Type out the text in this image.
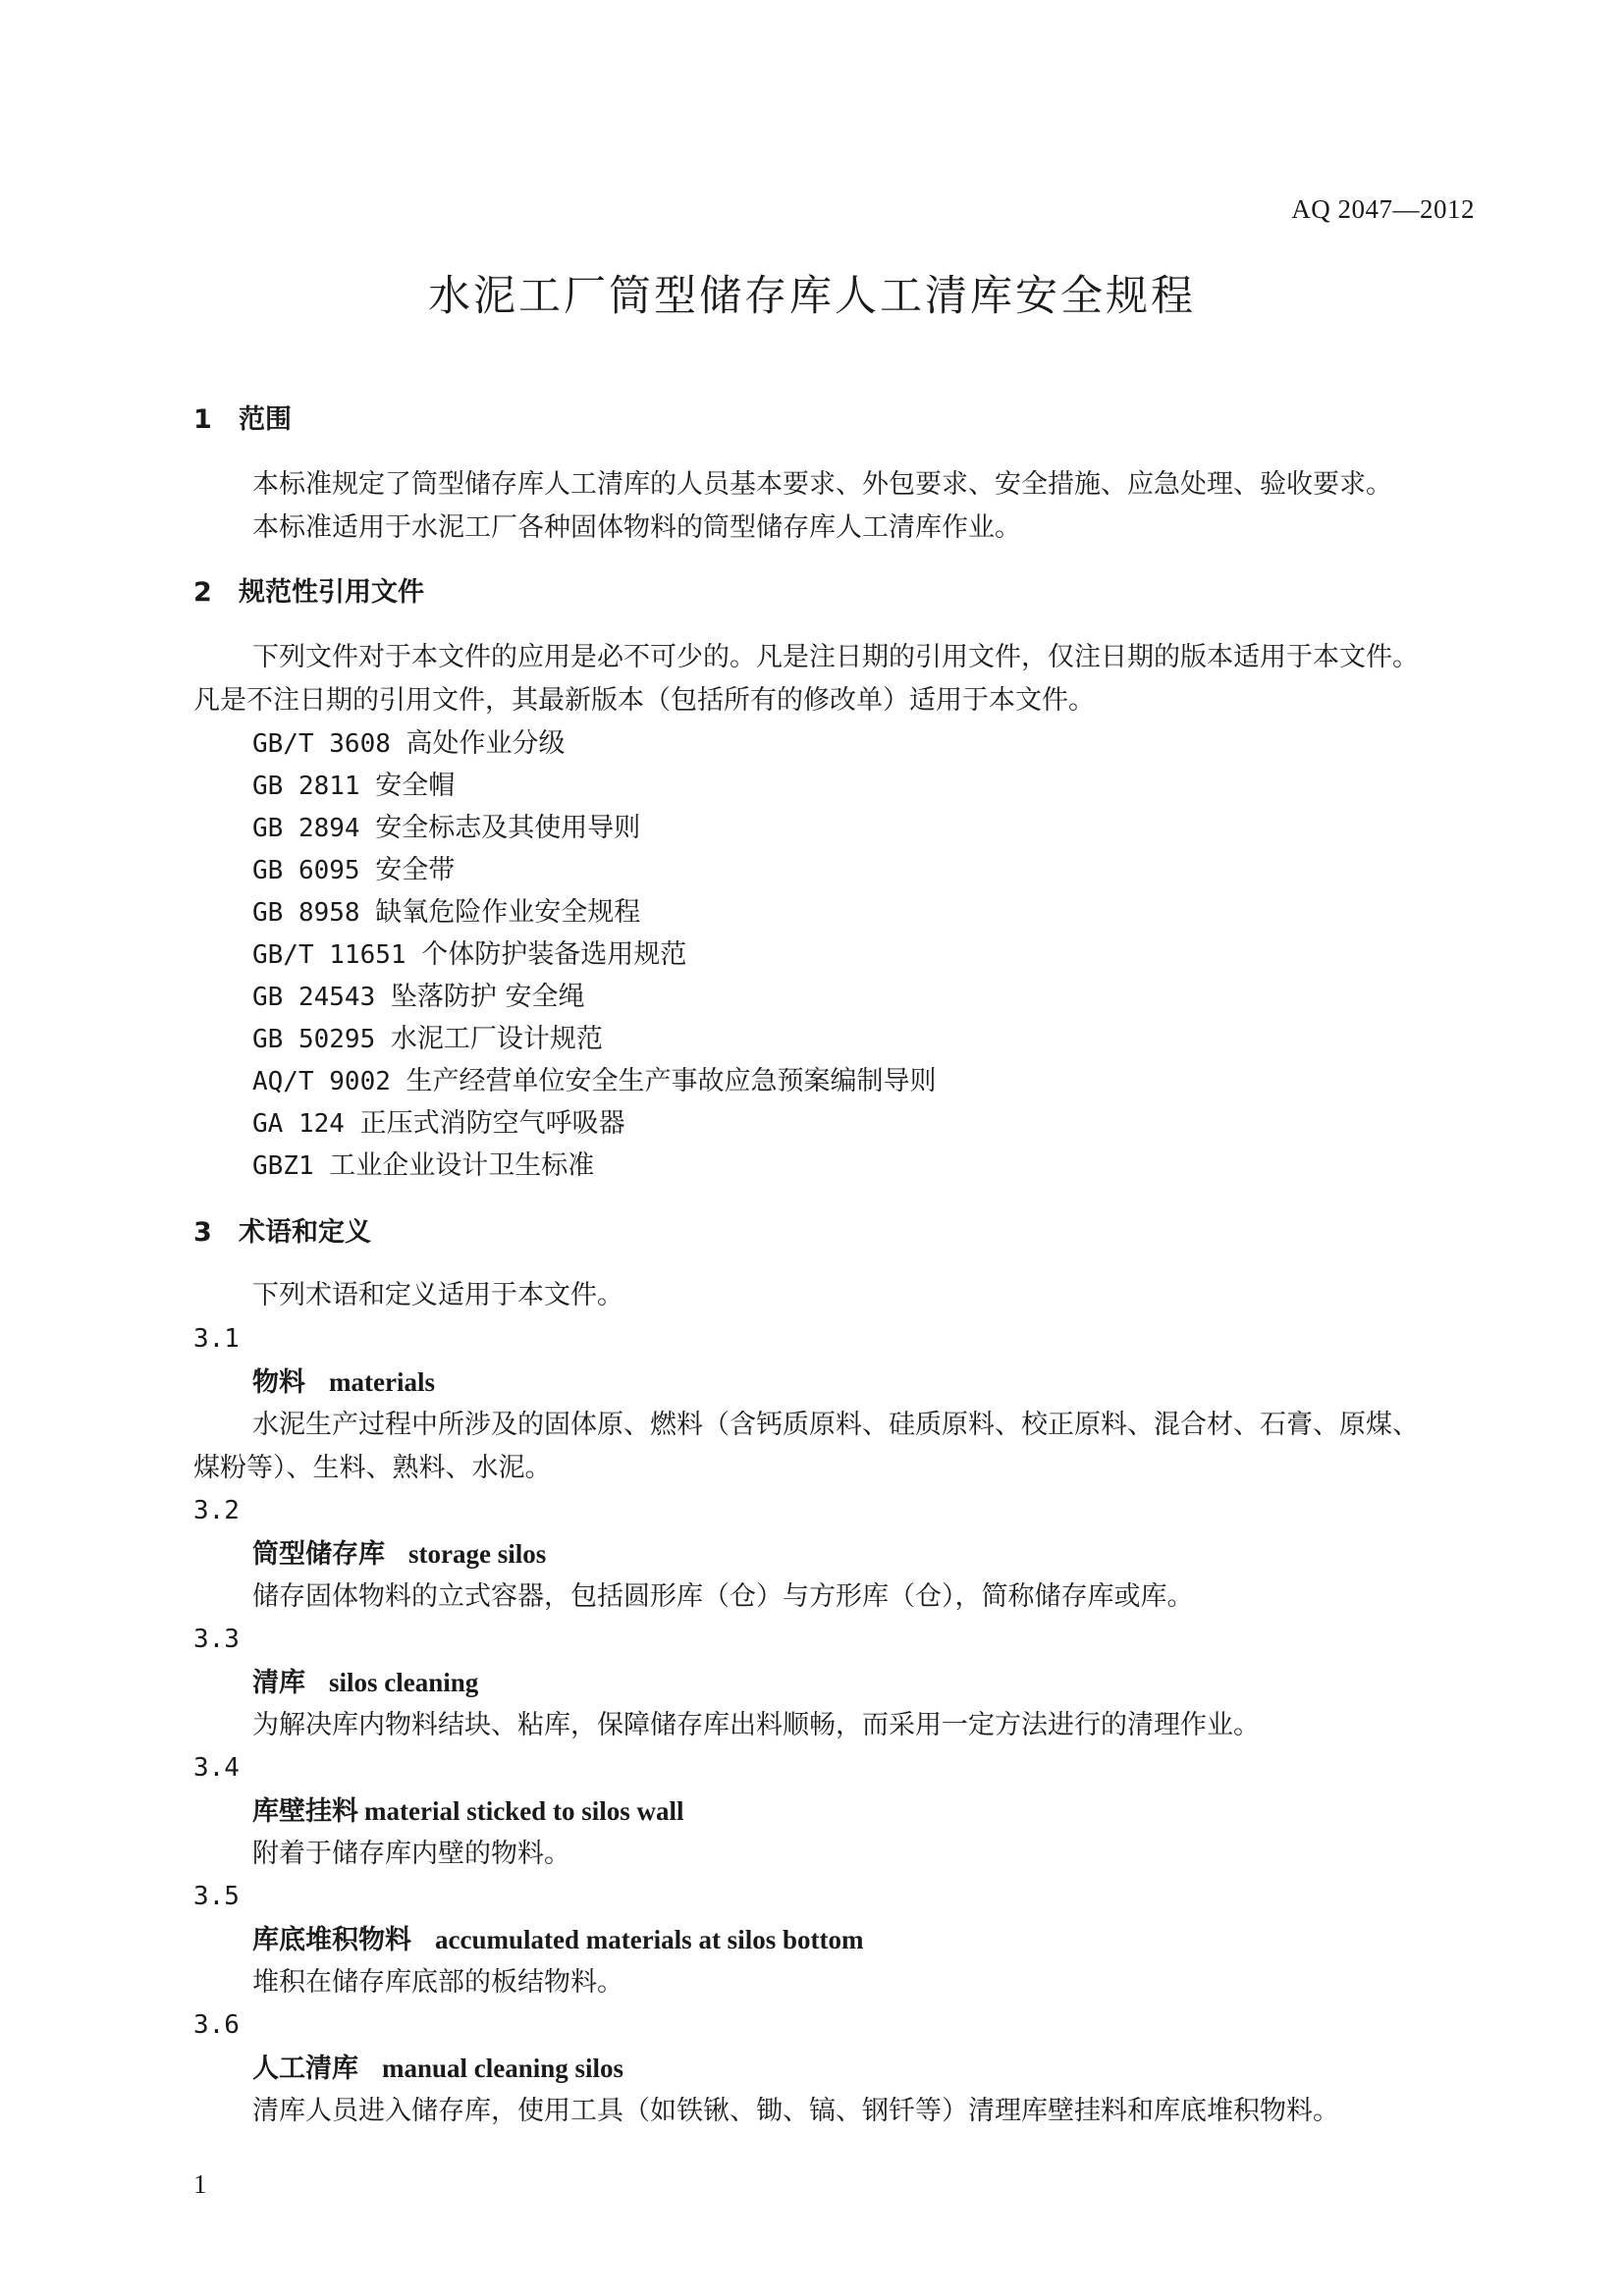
AQ 2047—2012
水泥工厂筒型储存库人工清库安全规程
1 范围
本标准规定了筒型储存库人工清库的人员基本要求、外包要求、安全措施、应急处理、验收要求。
本标准适用于水泥工厂各种固体物料的筒型储存库人工清库作业。
2 规范性引用文件
下列文件对于本文件的应用是必不可少的。凡是注日期的引用文件，仅注日期的版本适用于本文件。
凡是不注日期的引用文件，其最新版本（包括所有的修改单）适用于本文件。
GB/T 3608 高处作业分级
GB 2811 安全帽
GB 2894 安全标志及其使用导则
GB 6095 安全带
GB 8958 缺氧危险作业安全规程
GB/T 11651 个体防护装备选用规范
GB 24543 坠落防护 安全绳
GB 50295 水泥工厂设计规范
AQ/T 9002 生产经营单位安全生产事故应急预案编制导则
GA 124 正压式消防空气呼吸器
GBZ1 工业企业设计卫生标准
3 术语和定义
下列术语和定义适用于本文件。
3.1
物料 materials
水泥生产过程中所涉及的固体原、燃料（含钙质原料、硅质原料、校正原料、混合材、石膏、原煤、
煤粉等）、生料、熟料、水泥。
3.2
筒型储存库 storage silos
储存固体物料的立式容器，包括圆形库（仓）与方形库（仓），简称储存库或库。
3.3
清库 silos cleaning
为解决库内物料结块、粘库，保障储存库出料顺畅，而采用一定方法进行的清理作业。
3.4
库壁挂料 material sticked to silos wall
附着于储存库内壁的物料。
3.5
库底堆积物料 accumulated materials at silos bottom
堆积在储存库底部的板结物料。
3.6
人工清库 manual cleaning silos
清库人员进入储存库，使用工具（如铁锹、锄、镐、钢钎等）清理库壁挂料和库底堆积物料。
1
